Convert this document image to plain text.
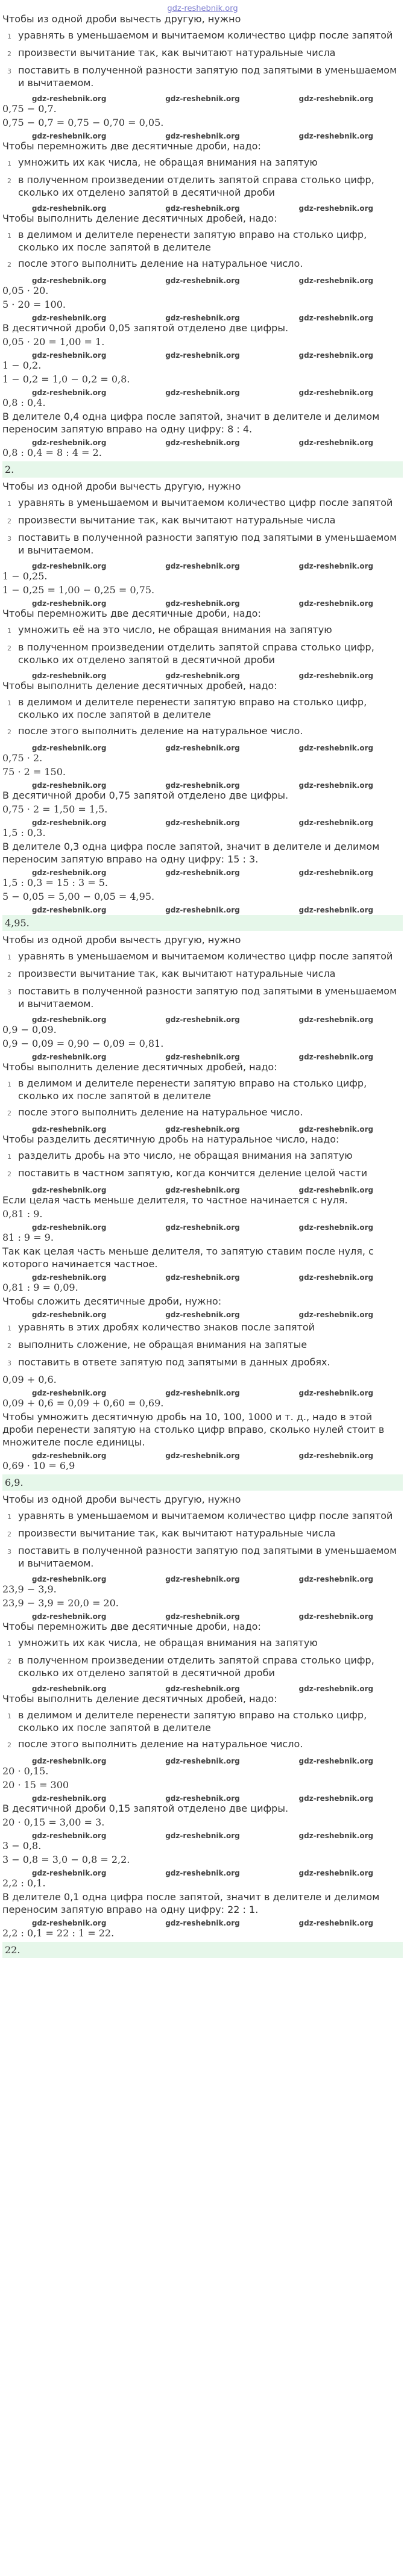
gdz-reshebnik.org
Чтобы из одной дроби вычесть другую, нужно
1 уравнять в уменьшаемом и вычитаемом количество цифр после запятой
2 произвести вычитание так, как вычитают натуральные числа
3 поставить в полученной разности запятую под запятыми в уменьшаемом и вычитаемом.
gdz-reshebnik.org	gdz-reshebnik.org	gdz-reshebnik.org
0,75 − 0,7.
0,75 − 0,7 = 0,75 − 0,70 = 0,05.
gdz-reshebnik.org	gdz-reshebnik.org	gdz-reshebnik.org
Чтобы перемножить две десятичные дроби, надо:
1 умножить их как числа, не обращая внимания на запятую
2 в полученном произведении отделить запятой справа столько цифр, сколько их отделено запятой в десятичной дроби
gdz-reshebnik.org	gdz-reshebnik.org	gdz-reshebnik.org
Чтобы выполнить деление десятичных дробей, надо:
1 в делимом и делителе перенести запятую вправо на столько цифр, сколько их после запятой в делителе
2 после этого выполнить деление на натуральное число.
gdz-reshebnik.org	gdz-reshebnik.org	gdz-reshebnik.org
0,05 · 20.
5 · 20 = 100.
gdz-reshebnik.org	gdz-reshebnik.org	gdz-reshebnik.org
В десятичной дроби 0,05 запятой отделено две цифры.
0,05 · 20 = 1,00 = 1.
gdz-reshebnik.org	gdz-reshebnik.org	gdz-reshebnik.org
1 − 0,2.
1 − 0,2 = 1,0 − 0,2 = 0,8.
gdz-reshebnik.org	gdz-reshebnik.org	gdz-reshebnik.org
0,8 : 0,4.
В делителе 0,4 одна цифра после запятой, значит в делителе и делимом переносим запятую вправо на одну цифру: 8 : 4.
gdz-reshebnik.org	gdz-reshebnik.org	gdz-reshebnik.org
0,8 : 0,4 = 8 : 4 = 2.
2.
Чтобы из одной дроби вычесть другую, нужно
1 уравнять в уменьшаемом и вычитаемом количество цифр после запятой
2 произвести вычитание так, как вычитают натуральные числа
3 поставить в полученной разности запятую под запятыми в уменьшаемом и вычитаемом.
gdz-reshebnik.org	gdz-reshebnik.org	gdz-reshebnik.org
1 − 0,25.
1 − 0,25 = 1,00 − 0,25 = 0,75.
gdz-reshebnik.org	gdz-reshebnik.org	gdz-reshebnik.org
Чтобы перемножить две десятичные дроби, надо:
1 умножить её на это число, не обращая внимания на запятую
2 в полученном произведении отделить запятой справа столько цифр, сколько их отделено запятой в десятичной дроби
gdz-reshebnik.org	gdz-reshebnik.org	gdz-reshebnik.org
Чтобы выполнить деление десятичных дробей, надо:
1 в делимом и делителе перенести запятую вправо на столько цифр, сколько их после запятой в делителе
2 после этого выполнить деление на натуральное число.
gdz-reshebnik.org	gdz-reshebnik.org	gdz-reshebnik.org
0,75 · 2.
75 · 2 = 150.
gdz-reshebnik.org	gdz-reshebnik.org	gdz-reshebnik.org
В десятичной дроби 0,75 запятой отделено две цифры.
0,75 · 2 = 1,50 = 1,5.
gdz-reshebnik.org	gdz-reshebnik.org	gdz-reshebnik.org
1,5 : 0,3.
В делителе 0,3 одна цифра после запятой, значит в делителе и делимом переносим запятую вправо на одну цифру: 15 : 3.
gdz-reshebnik.org	gdz-reshebnik.org	gdz-reshebnik.org
1,5 : 0,3 = 15 : 3 = 5.
5 − 0,05 = 5,00 − 0,05 = 4,95.
gdz-reshebnik.org	gdz-reshebnik.org	gdz-reshebnik.org
4,95.
Чтобы из одной дроби вычесть другую, нужно
1 уравнять в уменьшаемом и вычитаемом количество цифр после запятой
2 произвести вычитание так, как вычитают натуральные числа
3 поставить в полученной разности запятую под запятыми в уменьшаемом и вычитаемом.
gdz-reshebnik.org	gdz-reshebnik.org	gdz-reshebnik.org
0,9 − 0,09.
0,9 − 0,09 = 0,90 − 0,09 = 0,81.
gdz-reshebnik.org	gdz-reshebnik.org	gdz-reshebnik.org
Чтобы выполнить деление десятичных дробей, надо:
1 в делимом и делителе перенести запятую вправо на столько цифр, сколько их после запятой в делителе
2 после этого выполнить деление на натуральное число.
gdz-reshebnik.org	gdz-reshebnik.org	gdz-reshebnik.org
Чтобы разделить десятичную дробь на натуральное число, надо:
1 разделить дробь на это число, не обращая внимания на запятую
2 поставить в частном запятую, когда кончится деление целой части
gdz-reshebnik.org	gdz-reshebnik.org	gdz-reshebnik.org
Если целая часть меньше делителя, то частное начинается с нуля.
0,81 : 9.
gdz-reshebnik.org	gdz-reshebnik.org	gdz-reshebnik.org
81 : 9 = 9.
Так как целая часть меньше делителя, то запятую ставим после нуля, с которого начинается частное.
gdz-reshebnik.org	gdz-reshebnik.org	gdz-reshebnik.org
0,81 : 9 = 0,09.
Чтобы сложить десятичные дроби, нужно:
gdz-reshebnik.org	gdz-reshebnik.org	gdz-reshebnik.org
1 уравнять в этих дробях количество знаков после запятой
2 выполнить сложение, не обращая внимания на запятые
3 поставить в ответе запятую под запятыми в данных дробях.
0,09 + 0,6.
gdz-reshebnik.org	gdz-reshebnik.org	gdz-reshebnik.org
0,09 + 0,6 = 0,09 + 0,60 = 0,69.
Чтобы умножить десятичную дробь на 10, 100, 1000 и т. д., надо в этой дроби перенести запятую на столько цифр вправо, сколько нулей стоит в множителе после единицы.
gdz-reshebnik.org	gdz-reshebnik.org	gdz-reshebnik.org
0,69 · 10 = 6,9
6,9.
Чтобы из одной дроби вычесть другую, нужно
1 уравнять в уменьшаемом и вычитаемом количество цифр после запятой
2 произвести вычитание так, как вычитают натуральные числа
3 поставить в полученной разности запятую под запятыми в уменьшаемом и вычитаемом.
gdz-reshebnik.org	gdz-reshebnik.org	gdz-reshebnik.org
23,9 − 3,9.
23,9 − 3,9 = 20,0 = 20.
gdz-reshebnik.org	gdz-reshebnik.org	gdz-reshebnik.org
Чтобы перемножить две десятичные дроби, надо:
1 умножить их как числа, не обращая внимания на запятую
2 в полученном произведении отделить запятой справа столько цифр, сколько их отделено запятой в десятичной дроби
gdz-reshebnik.org	gdz-reshebnik.org	gdz-reshebnik.org
Чтобы выполнить деление десятичных дробей, надо:
1 в делимом и делителе перенести запятую вправо на столько цифр, сколько их после запятой в делителе
2 после этого выполнить деление на натуральное число.
gdz-reshebnik.org	gdz-reshebnik.org	gdz-reshebnik.org
20 · 0,15.
20 · 15 = 300
gdz-reshebnik.org	gdz-reshebnik.org	gdz-reshebnik.org
В десятичной дроби 0,15 запятой отделено две цифры.
20 · 0,15 = 3,00 = 3.
gdz-reshebnik.org	gdz-reshebnik.org	gdz-reshebnik.org
3 − 0,8.
3 − 0,8 = 3,0 − 0,8 = 2,2.
gdz-reshebnik.org	gdz-reshebnik.org	gdz-reshebnik.org
2,2 : 0,1.
В делителе 0,1 одна цифра после запятой, значит в делителе и делимом переносим запятую вправо на одну цифру: 22 : 1.
gdz-reshebnik.org	gdz-reshebnik.org	gdz-reshebnik.org
2,2 : 0,1 = 22 : 1 = 22.
22.
